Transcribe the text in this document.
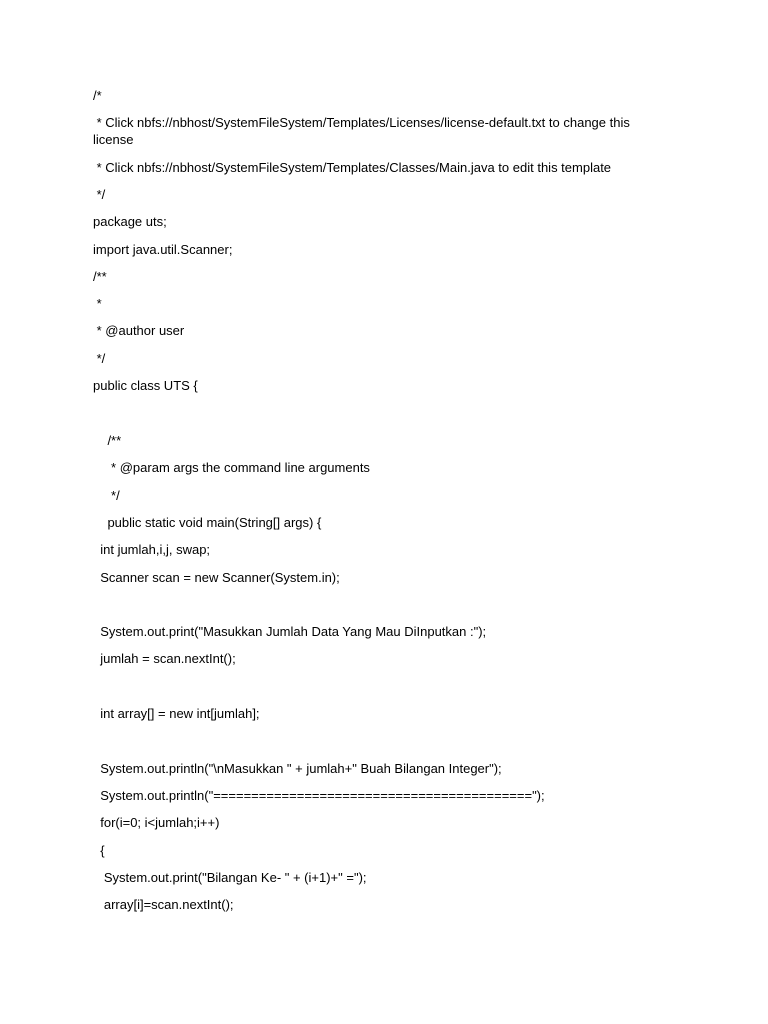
/*
* Click nbfs://nbhost/SystemFileSystem/Templates/Licenses/license-default.txt to change this
license
* Click nbfs://nbhost/SystemFileSystem/Templates/Classes/Main.java to edit this template
*/
package uts;
import java.util.Scanner;
/**
*
* @author user
*/
public class UTS {
/**
* @param args the command line arguments
*/
public static void main(String[] args) {
int jumlah,i,j, swap;
Scanner scan = new Scanner(System.in);
System.out.print("Masukkan Jumlah Data Yang Mau DiInputkan :");
jumlah = scan.nextInt();
int array[] = new int[jumlah];
System.out.println("\nMasukkan " + jumlah+" Buah Bilangan Integer");
System.out.println("==========================================");
for(i=0; i<jumlah;i++)
{
System.out.print("Bilangan Ke- " + (i+1)+" =");
array[i]=scan.nextInt();
